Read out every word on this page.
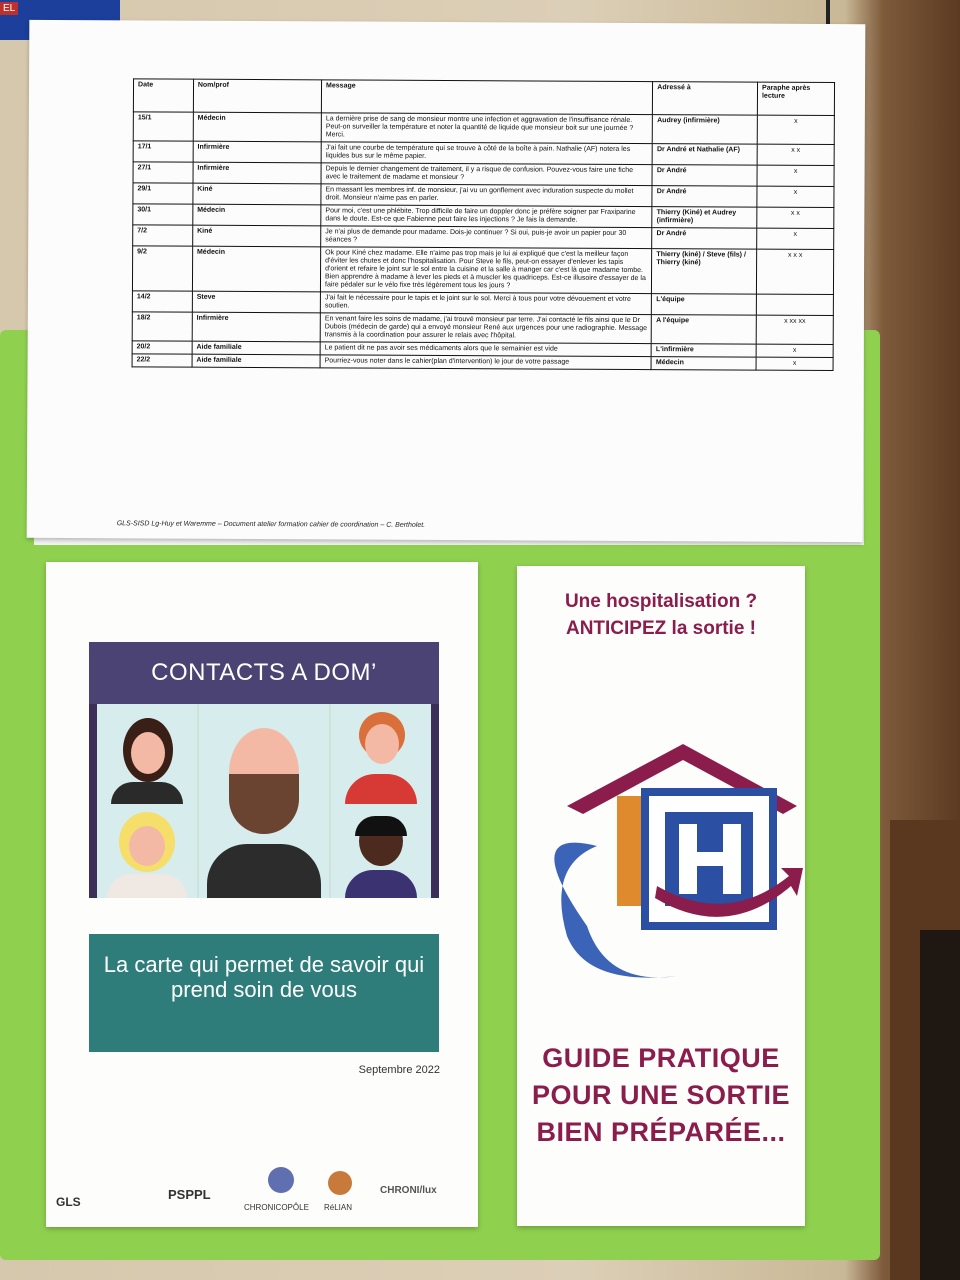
EL
Date	Nom/prof	Message	Adressé à	Paraphe après lecture
15/1	Médecin	La dernière prise de sang de monsieur montre une infection et aggravation de l'insuffisance rénale. Peut-on surveiller la température et noter la quantité de liquide que monsieur boit sur une journée ? Merci.	Audrey (infirmière)	x
17/1	Infirmière	J'ai fait une courbe de température qui se trouve à côté de la boîte à pain. Nathalie (AF) notera les liquides bus sur le même papier.	Dr André et Nathalie (AF)	x x
27/1	Infirmière	Depuis le dernier changement de traitement, il y a risque de confusion. Pouvez-vous faire une fiche avec le traitement de madame et monsieur ?	Dr André	x
29/1	Kiné	En massant les membres inf. de monsieur, j'ai vu un gonflement avec induration suspecte du mollet droit. Monsieur n'aime pas en parler.	Dr André	x
30/1	Médecin	Pour moi, c'est une phlébite. Trop difficile de faire un doppler donc je préfère soigner par Fraxiparine dans le doute. Est-ce que Fabienne peut faire les injections ? Je fais la demande.	Thierry (Kiné) et Audrey (infirmière)	x x
7/2	Kiné	Je n'ai plus de demande pour madame. Dois-je continuer ? Si oui, puis-je avoir un papier pour 30 séances ?	Dr André	x
9/2	Médecin	Ok pour Kiné chez madame. Elle n'aime pas trop mais je lui ai expliqué que c'est la meilleur façon d'éviter les chutes et donc l'hospitalisation. Pour Steve le fils, peut-on essayer d'enlever les tapis d'orient et refaire le joint sur le sol entre la cuisine et la salle à manger car c'est là que madame tombe. Bien apprendre à madame à lever les pieds et à muscler les quadriceps. Est-ce illusoire d'essayer de la faire pédaler sur le vélo fixe très légèrement tous les jours ?	Thierry (kiné) / Steve (fils) / Thierry (kiné)	x x x
14/2	Steve	J'ai fait le nécessaire pour le tapis et le joint sur le sol. Merci à tous pour votre dévouement et votre soutien.	L'équipe	
18/2	Infirmière	En venant faire les soins de madame, j'ai trouvé monsieur par terre. J'ai contacté le fils ainsi que le Dr Dubois (médecin de garde) qui a envoyé monsieur René aux urgences pour une radiographie. Message transmis à la coordination pour assurer le relais avec l'hôpital.	A l'équipe	x xx xx
20/2	Aide familiale	Le patient dit ne pas avoir ses médicaments alors que le semainier est vide	L'infirmière	x
22/2	Aide familiale	Pourriez-vous noter dans le cahier(plan d'intervention) le jour de votre passage	Médecin	x
GLS-SISD Lg-Huy et Waremme – Document atelier formation cahier de coordination – C. Bertholet.
CONTACTS A DOM’
La carte qui permet de savoir qui prend soin de vous
Septembre 2022
GLS	PSPPL
CHRONICOPÔLE RéLIAN
CHRONI/lux
Une hospitalisation ?
ANTICIPEZ la sortie !
GUIDE PRATIQUE
POUR UNE SORTIE
BIEN PRÉPARÉE...
